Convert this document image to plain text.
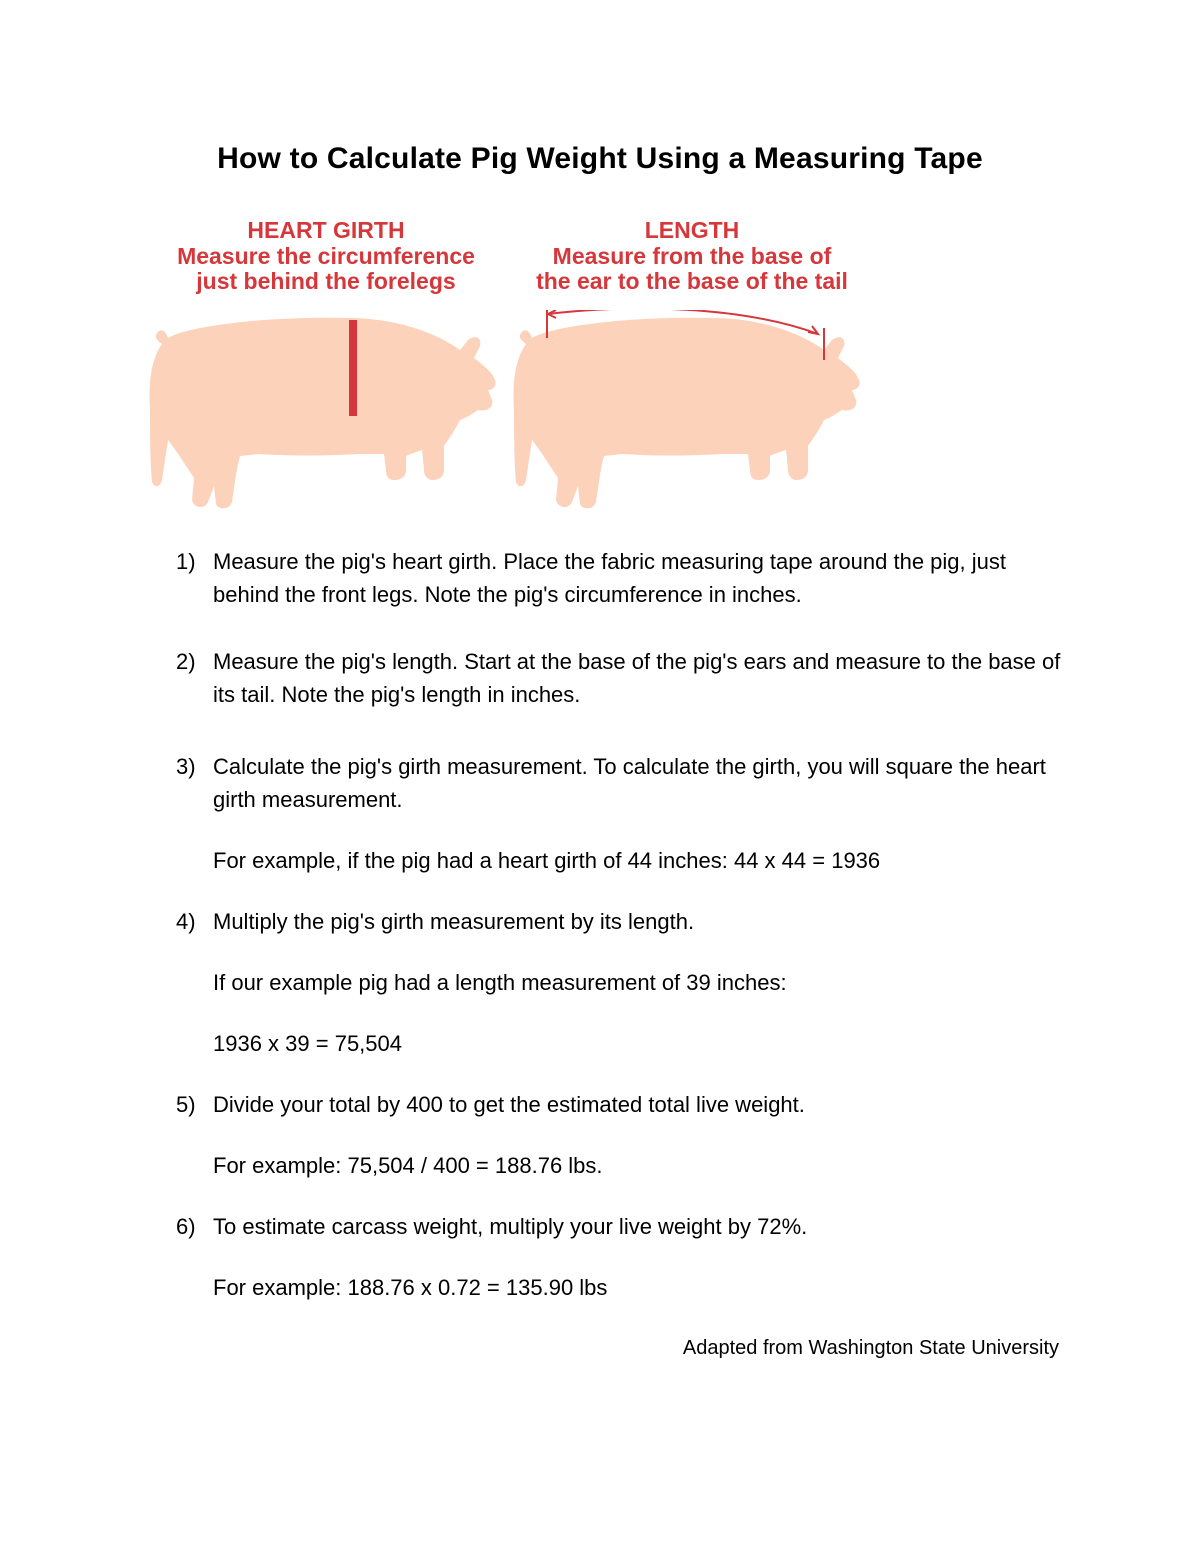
How to Calculate Pig Weight Using a Measuring Tape
HEART GIRTH
Measure the circumference
just behind the forelegs
LENGTH
Measure from the base of
the ear to the base of the tail
1) Measure the pig's heart girth. Place the fabric measuring tape around the pig, just behind the front legs. Note the pig's circumference in inches.
2) Measure the pig's length. Start at the base of the pig's ears and measure to the base of its tail. Note the pig's length in inches.
3) Calculate the pig's girth measurement. To calculate the girth, you will square the heart girth measurement.
For example, if the pig had a heart girth of 44 inches: 44 x 44 = 1936
4) Multiply the pig's girth measurement by its length.
If our example pig had a length measurement of 39 inches:
1936 x 39 = 75,504
5) Divide your total by 400 to get the estimated total live weight.
For example: 75,504 / 400 = 188.76 lbs.
6) To estimate carcass weight, multiply your live weight by 72%.
For example: 188.76 x 0.72 = 135.90 lbs
Adapted from Washington State University
